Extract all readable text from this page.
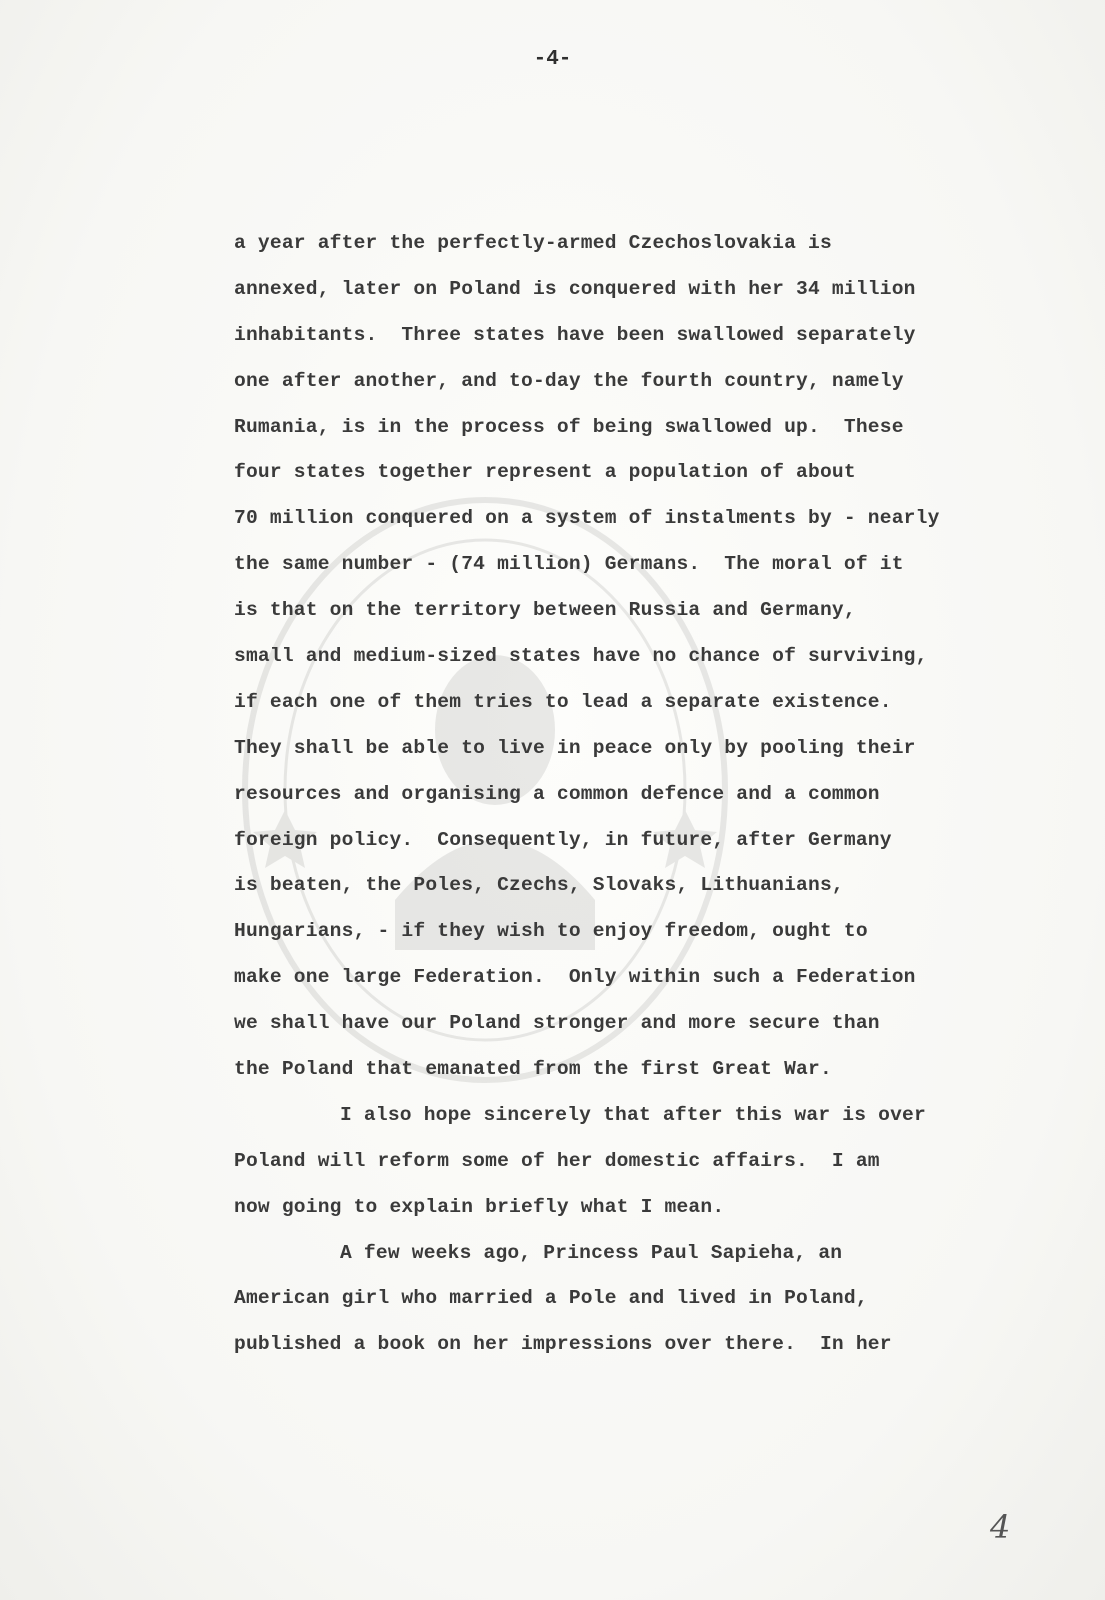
-4-
a year after the perfectly-armed Czechoslovakia is
annexed, later on Poland is conquered with her 34 million
inhabitants.  Three states have been swallowed separately
one after another, and to-day the fourth country, namely
Rumania, is in the process of being swallowed up.  These
four states together represent a population of about
70 million conquered on a system of instalments by - nearly
the same number - (74 million) Germans.  The moral of it
is that on the territory between Russia and Germany,
small and medium-sized states have no chance of surviving,
if each one of them tries to lead a separate existence.
They shall be able to live in peace only by pooling their
resources and organising a common defence and a common
foreign policy.  Consequently, in future, after Germany
is beaten, the Poles, Czechs, Slovaks, Lithuanians,
Hungarians, - if they wish to enjoy freedom, ought to
make one large Federation.  Only within such a Federation
we shall have our Poland stronger and more secure than
the Poland that emanated from the first Great War.
I also hope sincerely that after this war is over
Poland will reform some of her domestic affairs.  I am
now going to explain briefly what I mean.
A few weeks ago, Princess Paul Sapieha, an
American girl who married a Pole and lived in Poland,
published a book on her impressions over there.  In her
4
